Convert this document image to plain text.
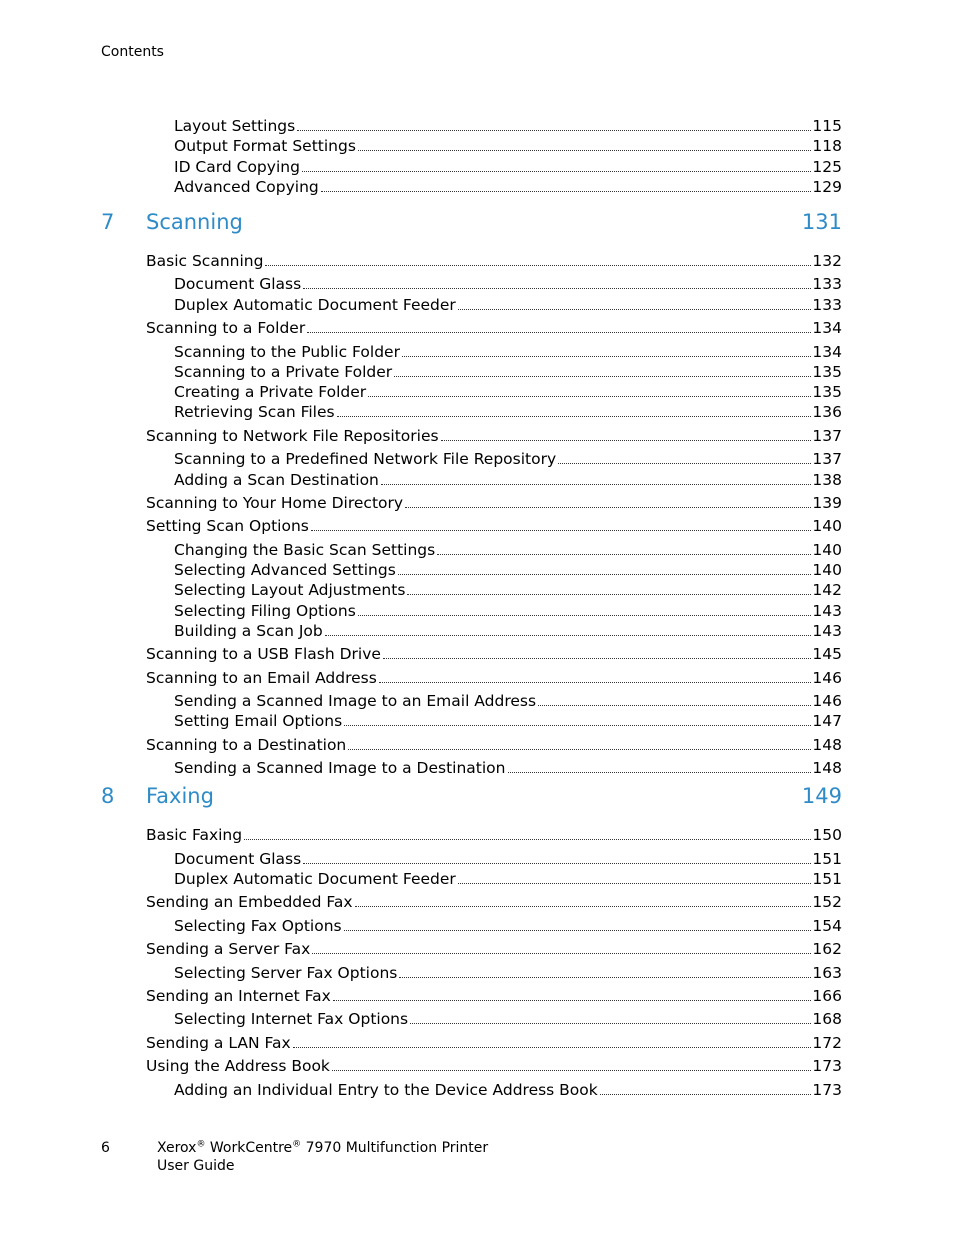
Contents
Layout Settings	115
Output Format Settings	118
ID Card Copying	125
Advanced Copying	129
7 Scanning	131
Basic Scanning	132
Document Glass	133
Duplex Automatic Document Feeder	133
Scanning to a Folder	134
Scanning to the Public Folder	134
Scanning to a Private Folder	135
Creating a Private Folder	135
Retrieving Scan Files	136
Scanning to Network File Repositories	137
Scanning to a Predefined Network File Repository	137
Adding a Scan Destination	138
Scanning to Your Home Directory	139
Setting Scan Options	140
Changing the Basic Scan Settings	140
Selecting Advanced Settings	140
Selecting Layout Adjustments	142
Selecting Filing Options	143
Building a Scan Job	143
Scanning to a USB Flash Drive	145
Scanning to an Email Address	146
Sending a Scanned Image to an Email Address	146
Setting Email Options	147
Scanning to a Destination	148
Sending a Scanned Image to a Destination	148
8 Faxing	149
Basic Faxing	150
Document Glass	151
Duplex Automatic Document Feeder	151
Sending an Embedded Fax	152
Selecting Fax Options	154
Sending a Server Fax	162
Selecting Server Fax Options	163
Sending an Internet Fax	166
Selecting Internet Fax Options	168
Sending a LAN Fax	172
Using the Address Book	173
Adding an Individual Entry to the Device Address Book	173
6	Xerox® WorkCentre® 7970 Multifunction Printer
User Guide
